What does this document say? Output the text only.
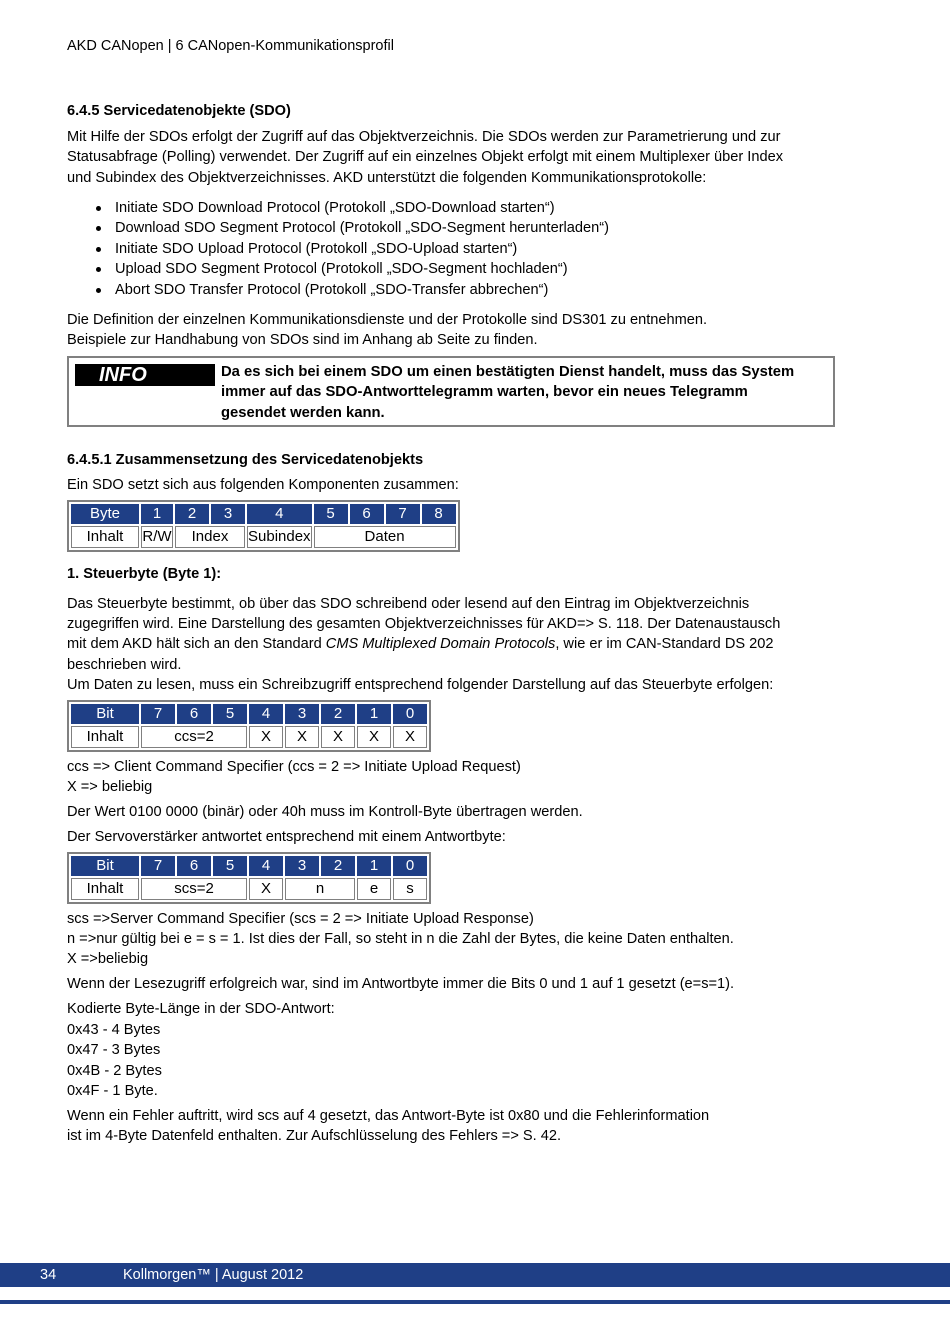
AKD CANopen | 6 CANopen-Kommunikationsprofil

6.4.5 Servicedatenobjekte (SDO)

Mit Hilfe der SDOs erfolgt der Zugriff auf das Objektverzeichnis. Die SDOs werden zur Parametrierung und zur

Statusabfrage (Polling) verwendet. Der Zugriff auf ein einzelnes Objekt erfolgt mit einem Multiplexer über Index

und Subindex des Objektverzeichnisses. AKD unterstützt die folgenden Kommunikationsprotokolle:

Initiate SDO Download Protocol (Protokoll „SDO-Download starten“)
Download SDO Segment Protocol (Protokoll „SDO-Segment herunterladen“)
Initiate SDO Upload Protocol (Protokoll „SDO-Upload starten“)
Upload SDO Segment Protocol (Protokoll „SDO-Segment hochladen“)
Abort SDO Transfer Protocol (Protokoll „SDO-Transfer abbrechen“)

Die Definition der einzelnen Kommunikationsdienste und der Protokolle sind DS301 zu entnehmen.

Beispiele zur Handhabung von SDOs sind im Anhang ab Seite zu finden.

INFO	Da es sich bei einem SDO um einen bestätigten Dienst handelt, muss das System
immer auf das SDO-Antworttelegramm warten, bevor ein neues Telegramm
gesendet werden kann.

6.4.5.1 Zusammensetzung des Servicedatenobjekts

Ein SDO setzt sich aus folgenden Komponenten zusammen:

Byte	1	2	3	4	5	6	7	8
Inhalt	R/W	Index		Subindex	Daten			

1. Steuerbyte (Byte 1):

Das Steuerbyte bestimmt, ob über das SDO schreibend oder lesend auf den Eintrag im Objektverzeichnis

zugegriffen wird. Eine Darstellung des gesamten Objektverzeichnisses für AKD=> S. 118. Der Datenaustausch

mit dem AKD hält sich an den Standard CMS Multiplexed Domain Protocols, wie er im CAN-Standard DS 202

beschrieben wird.

Um Daten zu lesen, muss ein Schreibzugriff entsprechend folgender Darstellung auf das Steuerbyte erfolgen:

Bit	7	6	5	4	3	2	1	0
Inhalt	ccs=2			X	X	X	X	X

ccs => Client Command Specifier (ccs = 2 => Initiate Upload Request)

X => beliebig

Der Wert 0100 0000 (binär) oder 40h muss im Kontroll-Byte übertragen werden.

Der Servoverstärker antwortet entsprechend mit einem Antwortbyte:

Bit	7	6	5	4	3	2	1	0
Inhalt	scs=2			X	n		e	s

scs =>Server Command Specifier (scs = 2 => Initiate Upload Response)

n =>nur gültig bei e = s = 1. Ist dies der Fall, so steht in n die Zahl der Bytes, die keine Daten enthalten.

X =>beliebig

Wenn der Lesezugriff erfolgreich war, sind im Antwortbyte immer die Bits 0 und 1 auf 1 gesetzt (e=s=1).

Kodierte Byte-Länge in der SDO-Antwort:

0x43 - 4 Bytes

0x47 - 3 Bytes

0x4B - 2 Bytes

0x4F - 1 Byte.

Wenn ein Fehler auftritt, wird scs auf 4 gesetzt, das Antwort-Byte ist 0x80 und die Fehlerinformation

ist im 4-Byte Datenfeld enthalten. Zur Aufschlüsselung des Fehlers => S. 42.

34	Kollmorgen™ | August 2012
